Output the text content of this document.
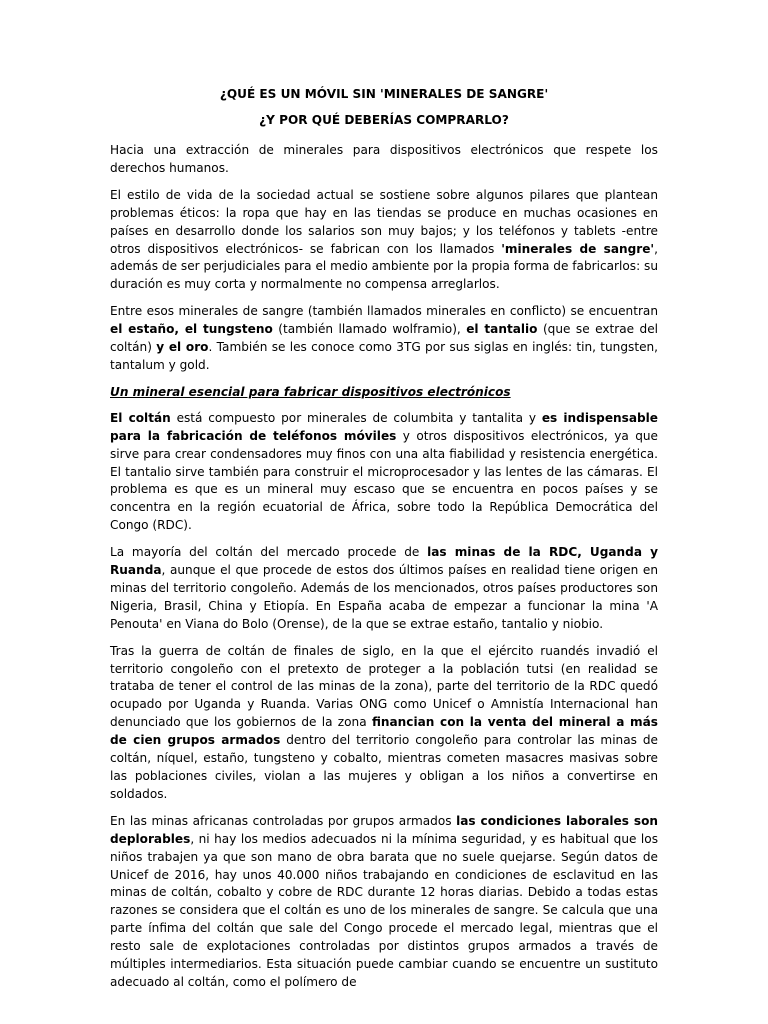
¿QUÉ ES UN MÓVIL SIN 'MINERALES DE SANGRE'
¿Y POR QUÉ DEBERÍAS COMPRARLO?

Hacia una extracción de minerales para dispositivos electrónicos que respete los derechos humanos.

El estilo de vida de la sociedad actual se sostiene sobre algunos pilares que plantean problemas éticos: la ropa que hay en las tiendas se produce en muchas ocasiones en países en desarrollo donde los salarios son muy bajos; y los teléfonos y tablets -entre otros dispositivos electrónicos- se fabrican con los llamados 'minerales de sangre', además de ser perjudiciales para el medio ambiente por la propia forma de fabricarlos: su duración es muy corta y normalmente no compensa arreglarlos.

Entre esos minerales de sangre (también llamados minerales en conflicto) se encuentran el estaño, el tungsteno (también llamado wolframio), el tantalio (que se extrae del coltán) y el oro. También se les conoce como 3TG por sus siglas en inglés: tin, tungsten, tantalum y gold.

Un mineral esencial para fabricar dispositivos electrónicos

El coltán está compuesto por minerales de columbita y tantalita y es indispensable para la fabricación de teléfonos móviles y otros dispositivos electrónicos, ya que sirve para crear condensadores muy finos con una alta fiabilidad y resistencia energética. El tantalio sirve también para construir el microprocesador y las lentes de las cámaras. El problema es que es un mineral muy escaso que se encuentra en pocos países y se concentra en la región ecuatorial de África, sobre todo la República Democrática del Congo (RDC).

La mayoría del coltán del mercado procede de las minas de la RDC, Uganda y Ruanda, aunque el que procede de estos dos últimos países en realidad tiene origen en minas del territorio congoleño. Además de los mencionados, otros países productores son Nigeria, Brasil, China y Etiopía. En España acaba de empezar a funcionar la mina 'A Penouta' en Viana do Bolo (Orense), de la que se extrae estaño, tantalio y niobio.

Tras la guerra de coltán de finales de siglo, en la que el ejército ruandés invadió el territorio congoleño con el pretexto de proteger a la población tutsi (en realidad se trataba de tener el control de las minas de la zona), parte del territorio de la RDC quedó ocupado por Uganda y Ruanda. Varias ONG como Unicef o Amnistía Internacional han denunciado que los gobiernos de la zona financian con la venta del mineral a más de cien grupos armados dentro del territorio congoleño para controlar las minas de coltán, níquel, estaño, tungsteno y cobalto, mientras cometen masacres masivas sobre las poblaciones civiles, violan a las mujeres y obligan a los niños a convertirse en soldados.

En las minas africanas controladas por grupos armados las condiciones laborales son deplorables, ni hay los medios adecuados ni la mínima seguridad, y es habitual que los niños trabajen ya que son mano de obra barata que no suele quejarse. Según datos de Unicef de 2016, hay unos 40.000 niños trabajando en condiciones de esclavitud en las minas de coltán, cobalto y cobre de RDC durante 12 horas diarias. Debido a todas estas razones se considera que el coltán es uno de los minerales de sangre. Se calcula que una parte ínfima del coltán que sale del Congo procede el mercado legal, mientras que el resto sale de explotaciones controladas por distintos grupos armados a través de múltiples intermediarios. Esta situación puede cambiar cuando se encuentre un sustituto adecuado al coltán, como el polímero de
